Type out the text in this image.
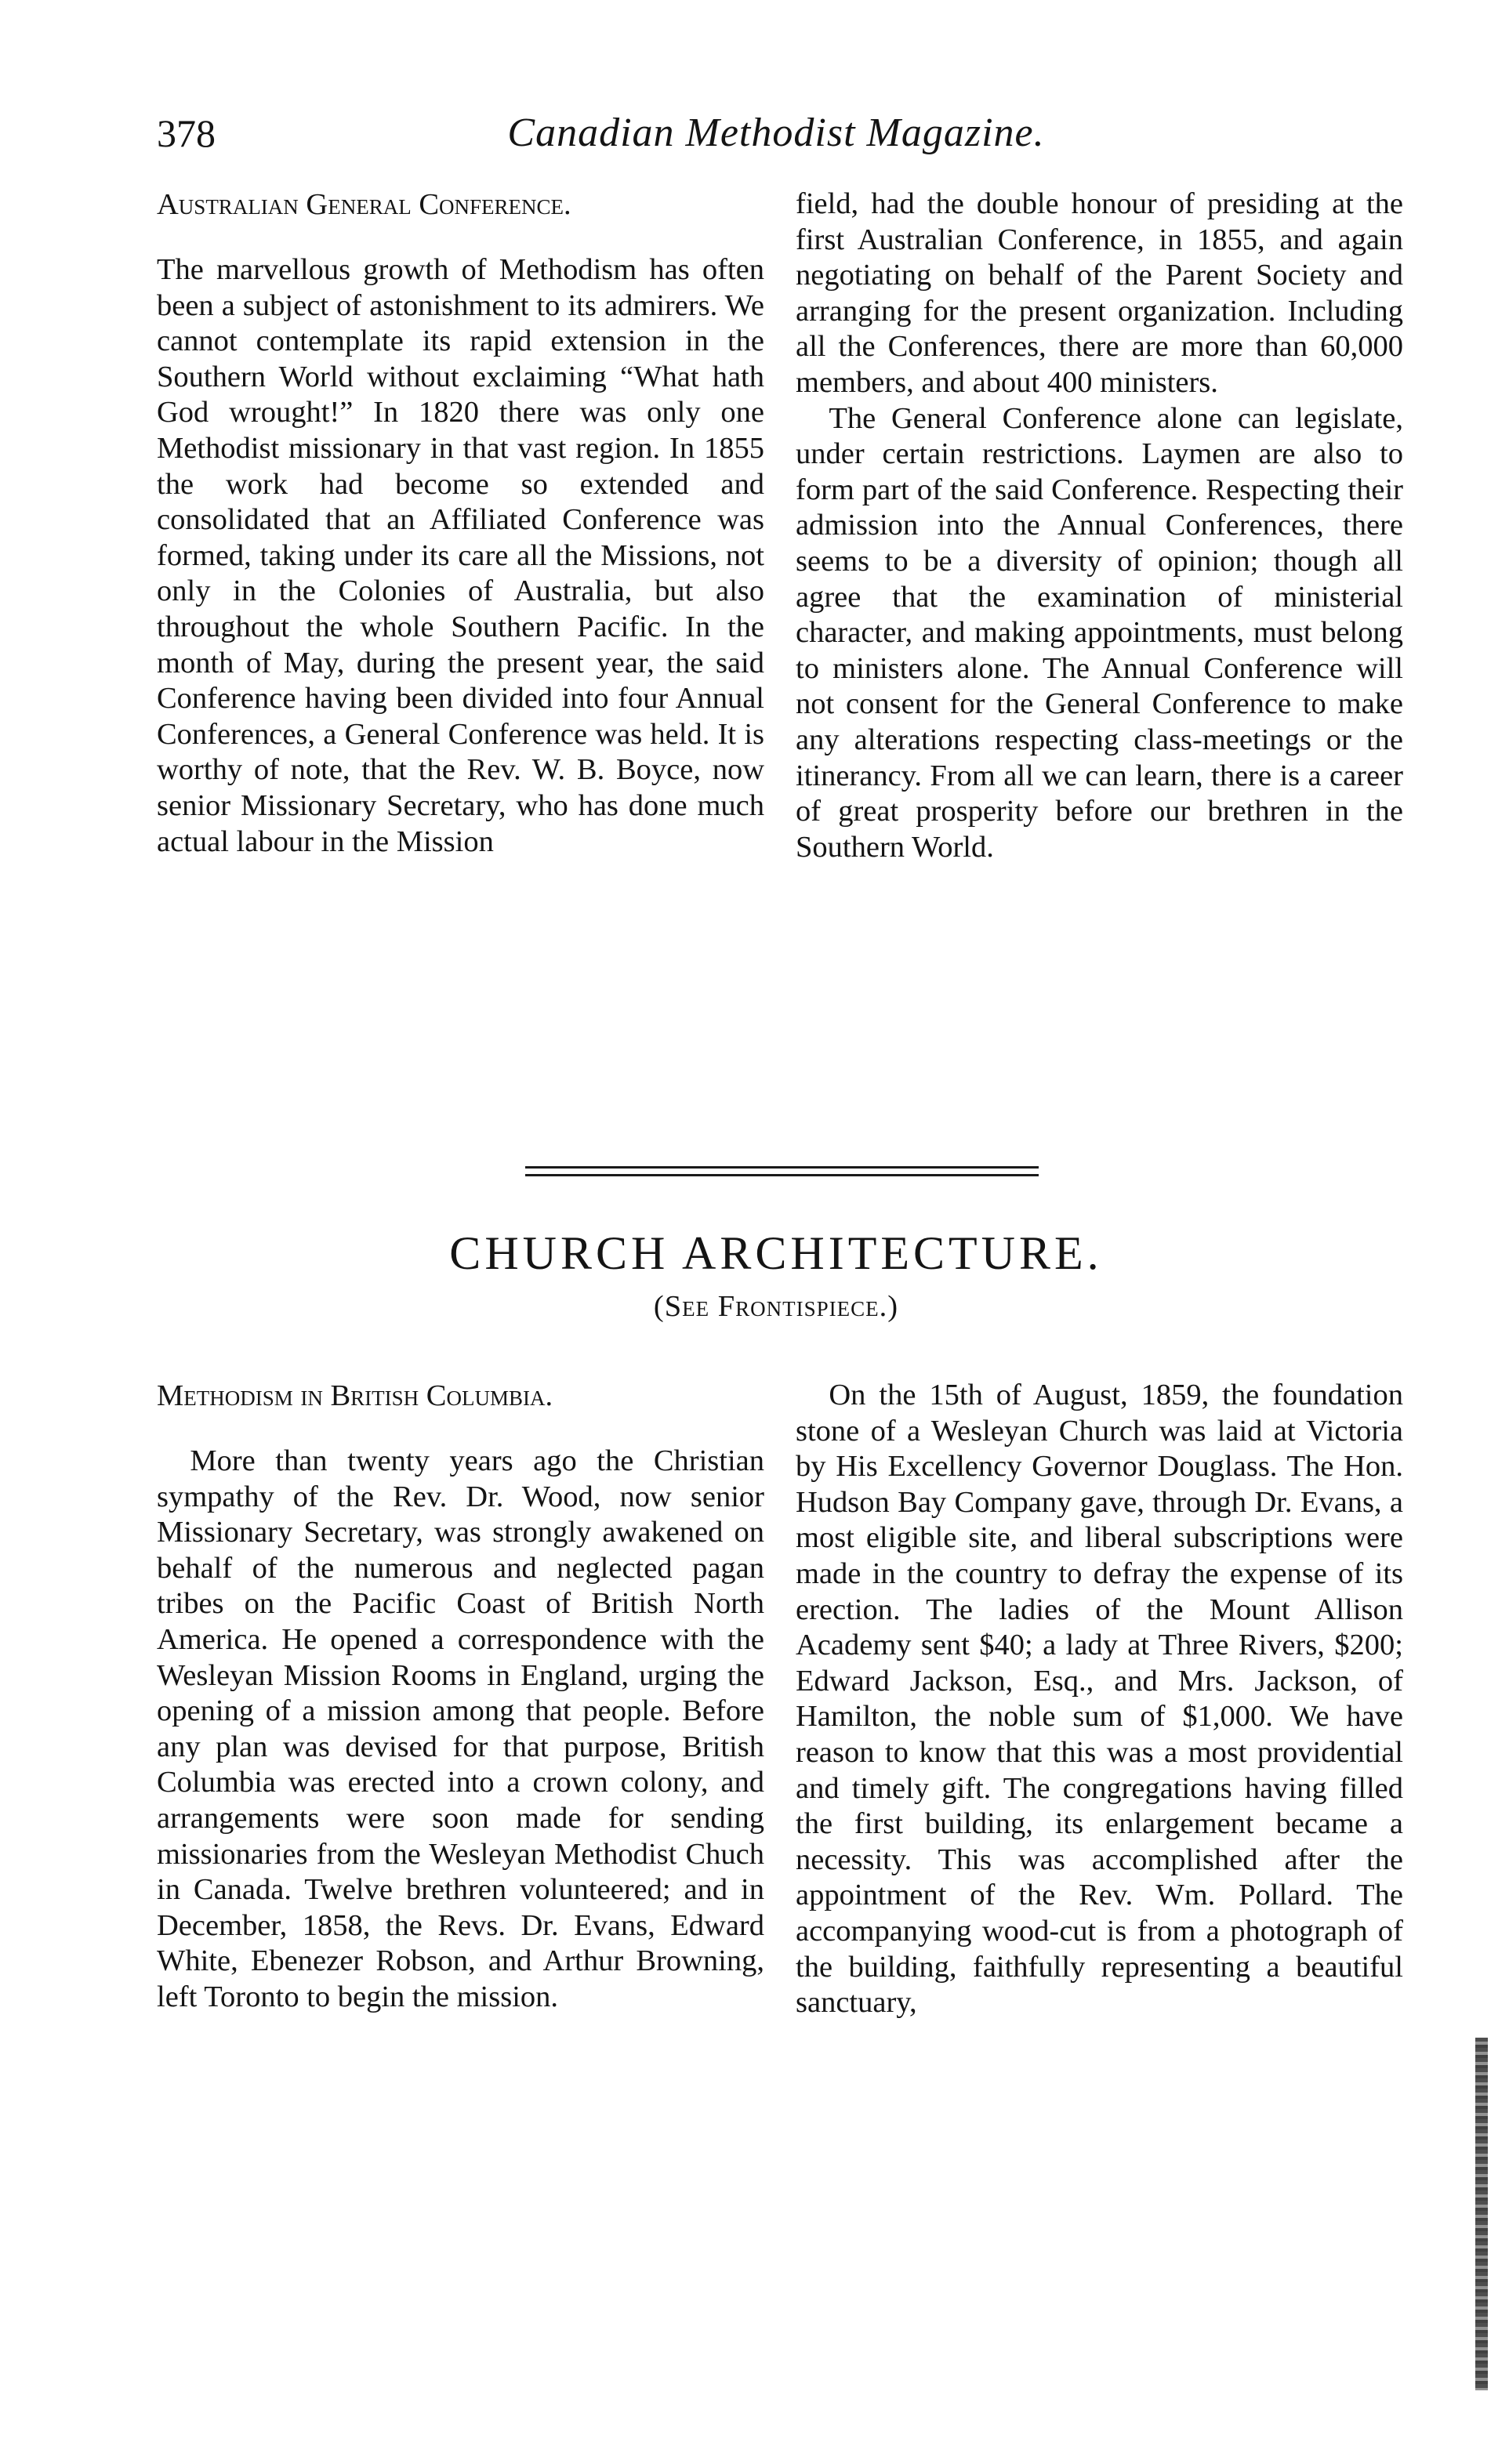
378	Canadian Methodist Magazine.
Australian General Conference.

The marvellous growth of Methodism has often been a subject of astonishment to its admirers. We cannot contemplate its rapid extension in the Southern World without exclaiming “What hath God wrought!” In 1820 there was only one Methodist missionary in that vast region. In 1855 the work had become so extended and consolidated that an Affiliated Conference was formed, taking under its care all the Missions, not only in the Colonies of Australia, but also throughout the whole Southern Pacific. In the month of May, during the present year, the said Conference having been divided into four Annual Conferences, a General Conference was held. It is worthy of note, that the Rev. W. B. Boyce, now senior Missionary Secretary, who has done much actual labour in the Mission

field, had the double honour of presiding at the first Australian Conference, in 1855, and again negotiating on behalf of the Parent Society and arranging for the present organization. Including all the Conferences, there are more than 60,000 members, and about 400 ministers.

The General Conference alone can legislate, under certain restrictions. Laymen are also to form part of the said Conference. Respecting their admission into the Annual Conferences, there seems to be a diversity of opinion; though all agree that the examination of ministerial character, and making appointments, must belong to ministers alone. The Annual Conference will not consent for the General Conference to make any alterations respecting class-meetings or the itinerancy. From all we can learn, there is a career of great prosperity before our brethren in the Southern World.

CHURCH ARCHITECTURE.
(See Frontispiece.)
Methodism in British Columbia.

More than twenty years ago the Christian sympathy of the Rev. Dr. Wood, now senior Missionary Secretary, was strongly awakened on behalf of the numerous and neglected pagan tribes on the Pacific Coast of British North America. He opened a correspondence with the Wesleyan Mission Rooms in England, urging the opening of a mission among that people. Before any plan was devised for that purpose, British Columbia was erected into a crown colony, and arrangements were soon made for sending missionaries from the Wesleyan Methodist Chuch in Canada. Twelve brethren volunteered; and in December, 1858, the Revs. Dr. Evans, Edward White, Ebenezer Robson, and Arthur Browning, left Toronto to begin the mission.

On the 15th of August, 1859, the foundation stone of a Wesleyan Church was laid at Victoria by His Excellency Governor Douglass. The Hon. Hudson Bay Company gave, through Dr. Evans, a most eligible site, and liberal subscriptions were made in the country to defray the expense of its erection. The ladies of the Mount Allison Academy sent $40; a lady at Three Rivers, $200; Edward Jackson, Esq., and Mrs. Jackson, of Hamilton, the noble sum of $1,000. We have reason to know that this was a most providential and timely gift. The congregations having filled the first building, its enlargement became a necessity. This was accomplished after the appointment of the Rev. Wm. Pollard. The accompanying wood-cut is from a photograph of the building, faithfully representing a beautiful sanctuary,
